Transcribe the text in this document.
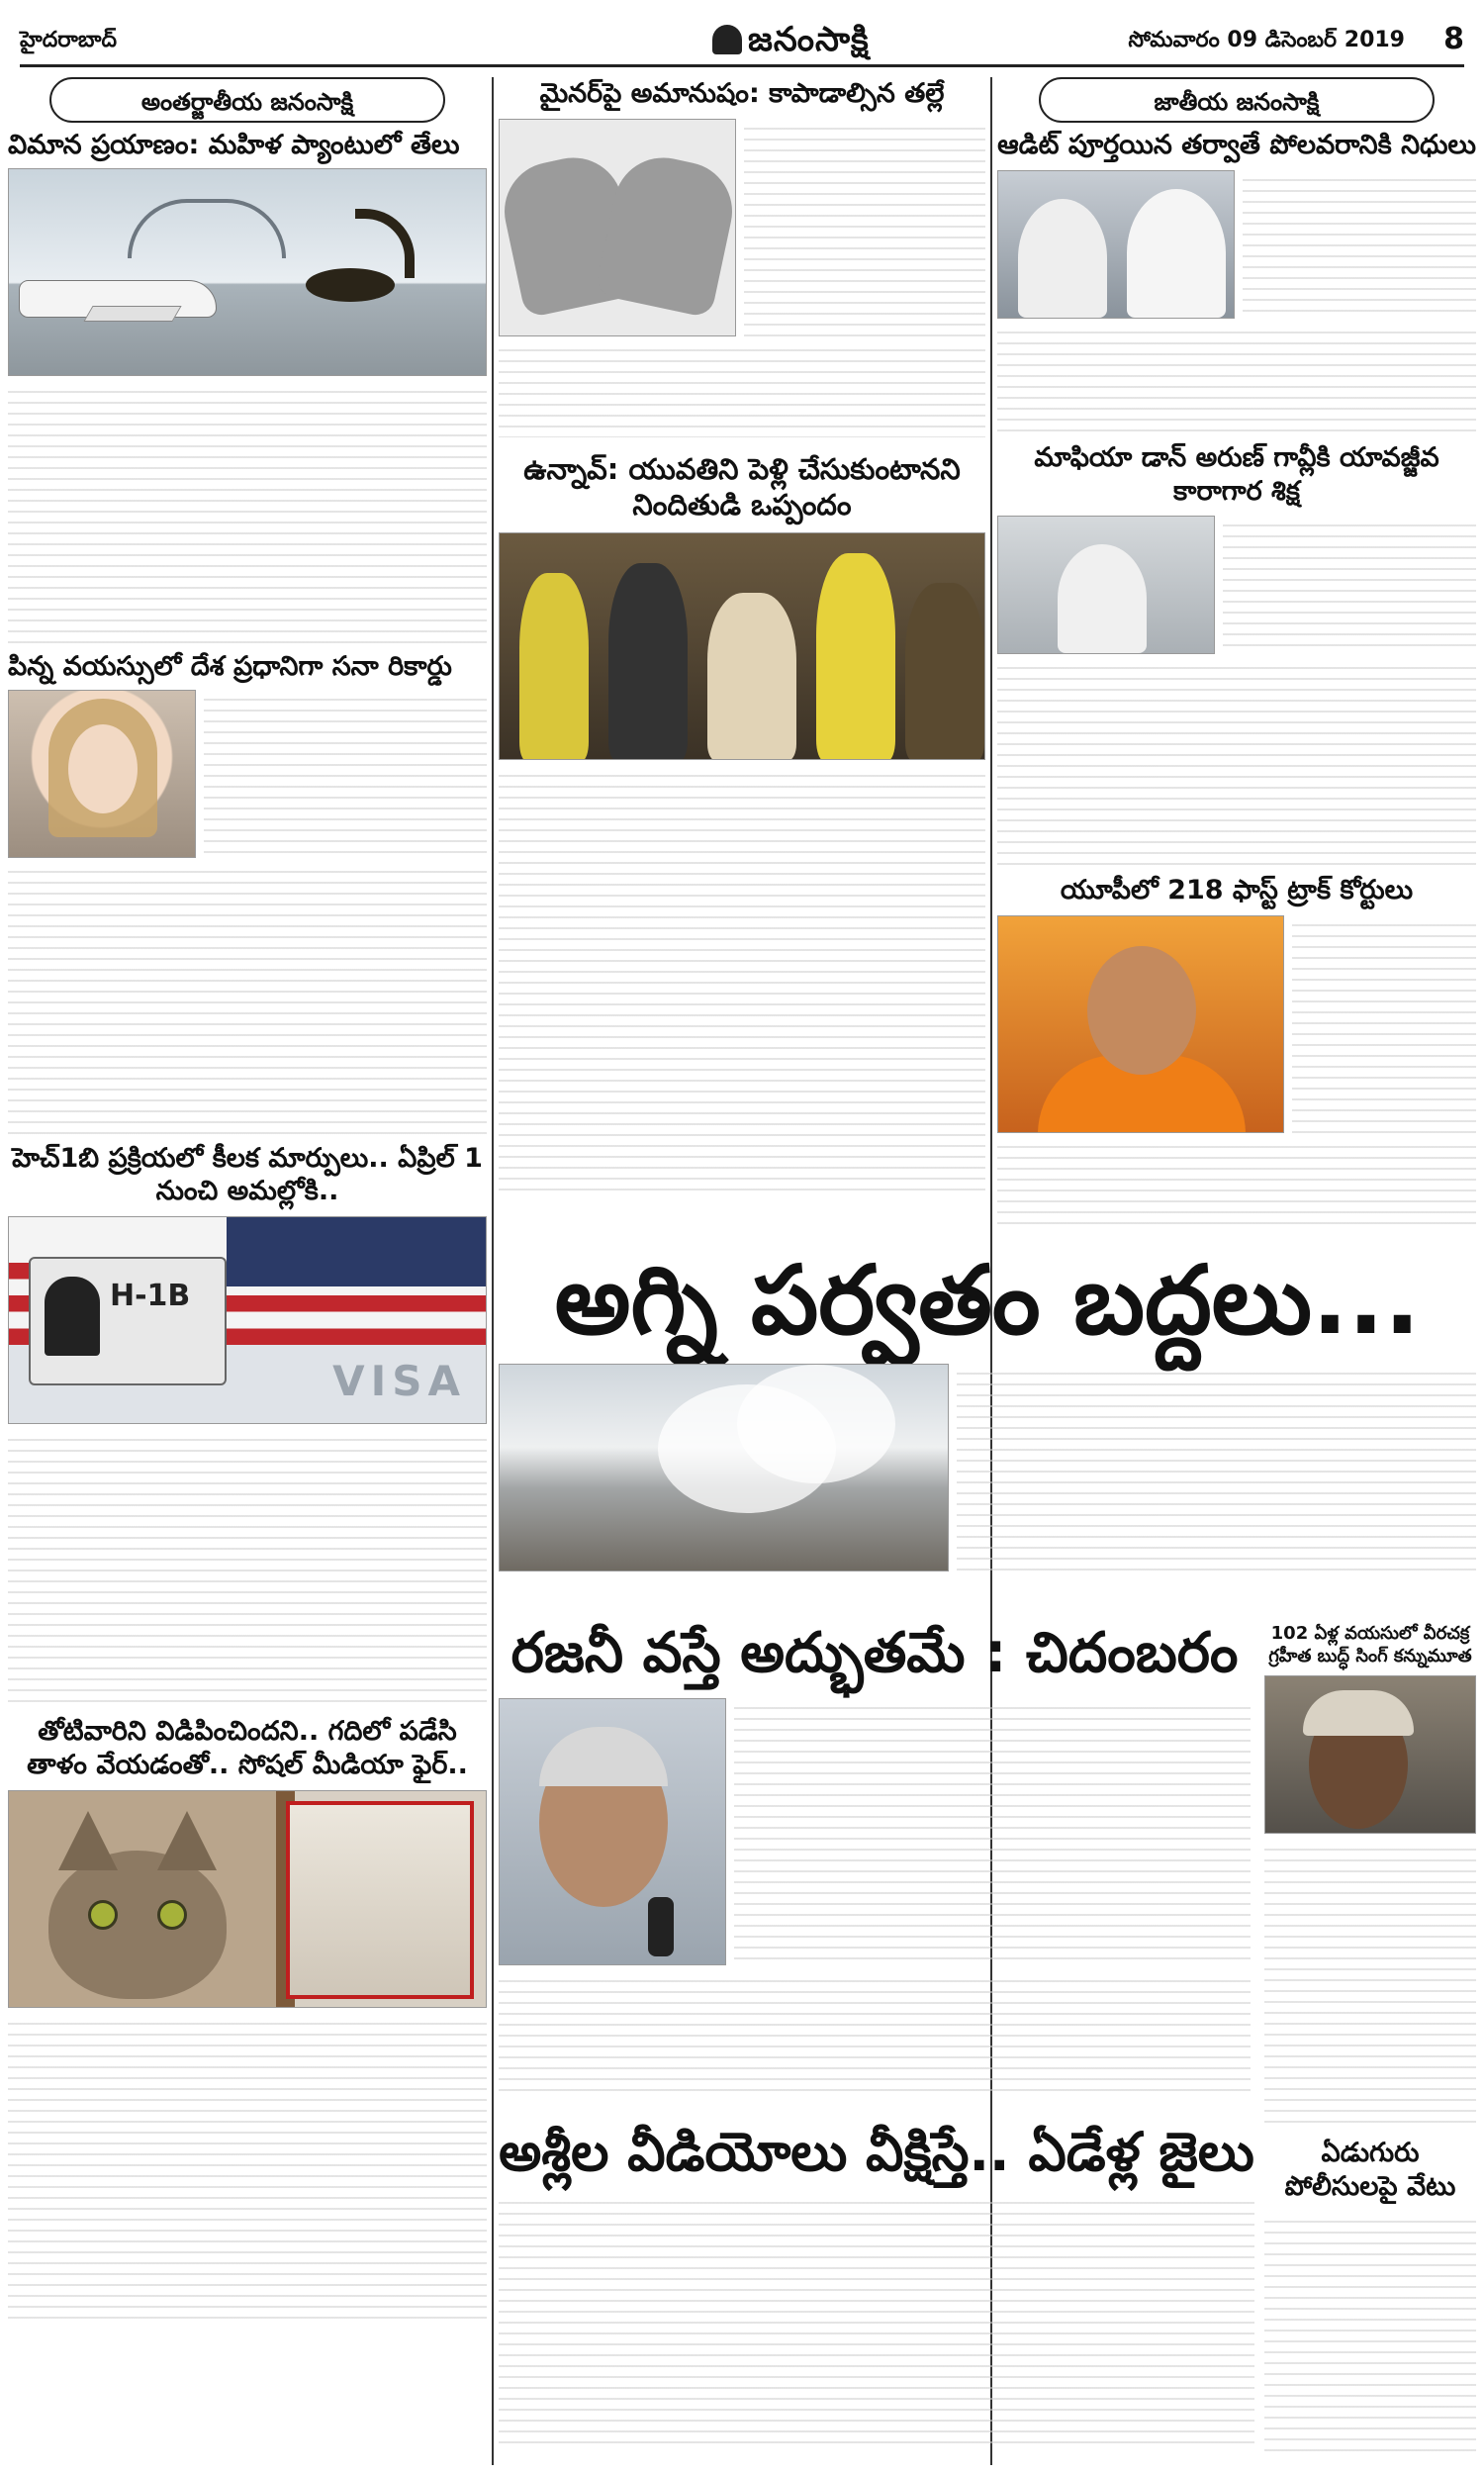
హైదరాబాద్	జనంసాక్షి	సోమవారం 09 డిసెంబర్ 2019 8
అంతర్జాతీయ జనంసాక్షి
విమాన ప్రయాణం: మహిళ ప్యాంటులో తేలు
పిన్న వయస్సులో దేశ ప్రధానిగా సనా రికార్డు
హెచ్1బి ప్రక్రియలో కీలక మార్పులు.. ఏప్రిల్ 1 నుంచి అమల్లోకి..
H-1B
VISA
తోటివారిని విడిపించిందని.. గదిలో పడేసి తాళం వేయడంతో.. సోషల్ మీడియా ఫైర్..
మైనర్‌పై అమానుషం: కాపాడాల్సిన తల్లే
ఉన్నావ్: యువతిని పెళ్లి చేసుకుంటానని నిందితుడి ఒప్పందం
జాతీయ జనంసాక్షి
ఆడిట్ పూర్తయిన తర్వాతే పోలవరానికి నిధులు
మాఫియా డాన్ అరుణ్ గావ్లీకి యావజ్జీవ కారాగార శిక్ష
యూపీలో 218 ఫాస్ట్ ట్రాక్ కోర్టులు
అగ్ని పర్వతం బద్దలు...
రజనీ వస్తే అద్భుతమే : చిదంబరం	102 ఏళ్ల వయసులో వీరచక్ర గ్రహీత బుద్ధ్ సింగ్ కన్నుమూత
ఏడుగురు పోలీసులపై వేటు
అశ్లీల వీడియోలు వీక్షిస్తే.. ఏడేళ్ల జైలు
